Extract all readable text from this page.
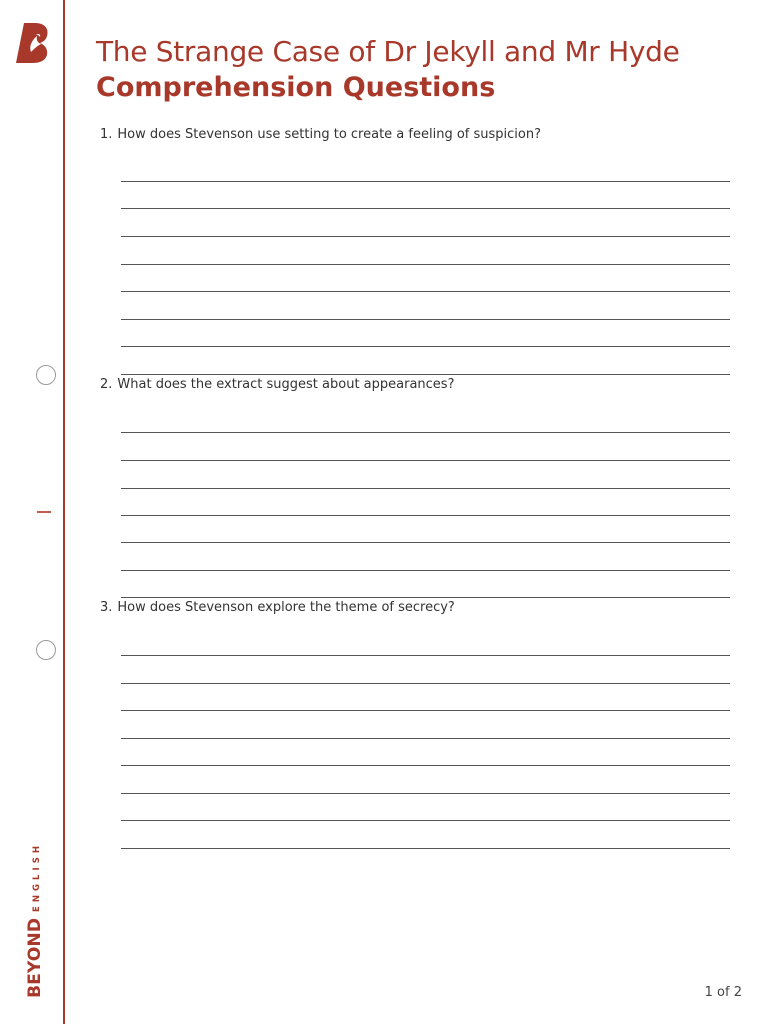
BEYOND
ENGLISH
The Strange Case of Dr Jekyll and Mr Hyde
Comprehension Questions
1. How does Stevenson use setting to create a feeling of suspicion?
2. What does the extract suggest about appearances?
3. How does Stevenson explore the theme of secrecy?
1 of 2
